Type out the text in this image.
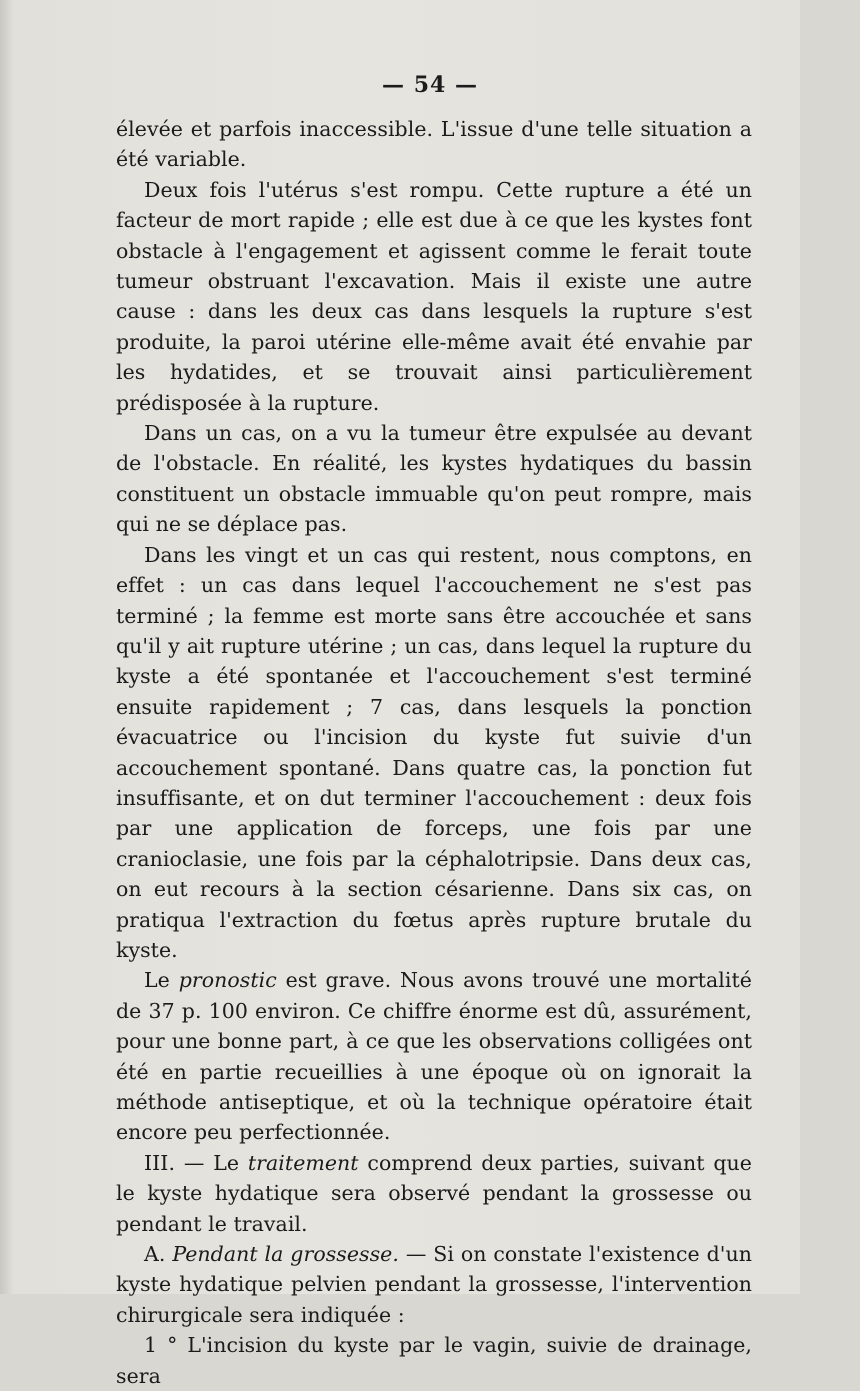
— 54 —

élevée et parfois inaccessible. L'issue d'une telle situation a été variable.

Deux fois l'utérus s'est rompu. Cette rupture a été un facteur de mort rapide ; elle est due à ce que les kystes font obstacle à l'engagement et agissent comme le ferait toute tumeur obstruant l'excavation. Mais il existe une autre cause : dans les deux cas dans lesquels la rupture s'est produite, la paroi utérine elle-même avait été envahie par les hydatides, et se trouvait ainsi particulièrement prédisposée à la rupture.

Dans un cas, on a vu la tumeur être expulsée au devant de l'obstacle. En réalité, les kystes hydatiques du bassin constituent un obstacle immuable qu'on peut rompre, mais qui ne se déplace pas.

Dans les vingt et un cas qui restent, nous comptons, en effet : un cas dans lequel l'accouchement ne s'est pas terminé ; la femme est morte sans être accouchée et sans qu'il y ait rupture utérine ; un cas, dans lequel la rupture du kyste a été spontanée et l'accouchement s'est terminé ensuite rapidement ; 7 cas, dans lesquels la ponction évacuatrice ou l'incision du kyste fut suivie d'un accouchement spontané. Dans quatre cas, la ponction fut insuffisante, et on dut terminer l'accouchement : deux fois par une application de forceps, une fois par une cranioclasie, une fois par la céphalotripsie. Dans deux cas, on eut recours à la section césarienne. Dans six cas, on pratiqua l'extraction du fœtus après rupture brutale du kyste.

Le pronostic est grave. Nous avons trouvé une mortalité de 37 p. 100 environ. Ce chiffre énorme est dû, assurément, pour une bonne part, à ce que les observations colligées ont été en partie recueillies à une époque où on ignorait la méthode antiseptique, et où la technique opératoire était encore peu perfectionnée.

III. — Le traitement comprend deux parties, suivant que le kyste hydatique sera observé pendant la grossesse ou pendant le travail.

A. Pendant la grossesse. — Si on constate l'existence d'un kyste hydatique pelvien pendant la grossesse, l'intervention chirurgicale sera indiquée :

1 ° L'incision du kyste par le vagin, suivie de drainage, sera
